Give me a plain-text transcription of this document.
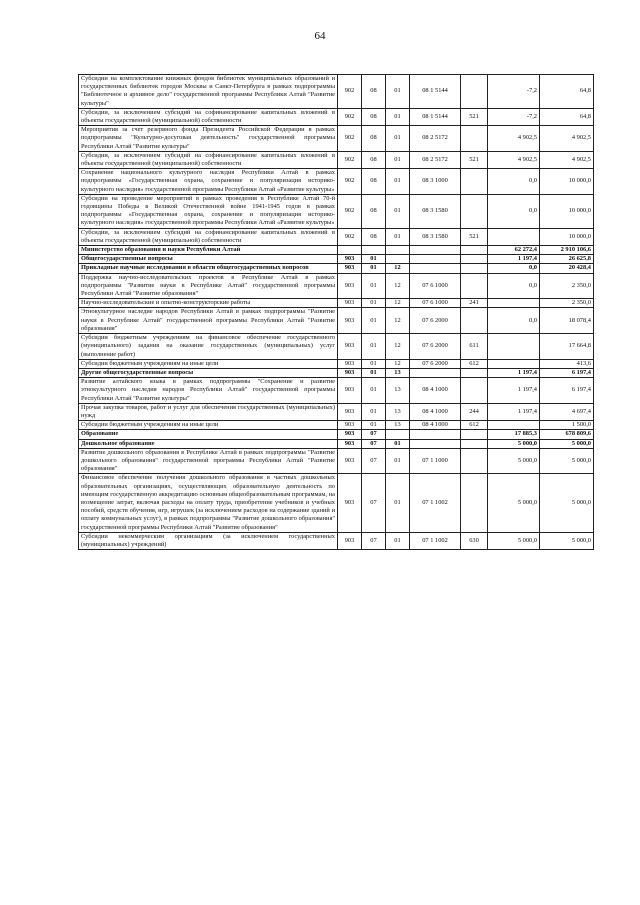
64
Субсидии на комплектование книжных фондов библиотек муниципальных образований и государственных библиотек городов Москвы и Санкт-Петербурга в рамках подпрограммы "Библиотечное и архивное дело" государственной программы Республики Алтай "Развитие культуры"	902	08	01	08 1 5144		-7,2	64,8
Субсидии, за исключением субсидий на софинансирование капитальных вложений в объекты государственной (муниципальной) собственности	902	08	01	08 1 5144	521	-7,2	64,8
Мероприятия за счет резервного фонда Президента Российской Федерации в рамках подпрограммы "Культурно-досуговая деятельность" государственной программы Республики Алтай "Развитие культуры"	902	08	01	08 2 5172		4 902,5	4 902,5
Субсидии, за исключением субсидий на софинансирование капитальных вложений в объекты государственной (муниципальной) собственности	902	08	01	08 2 5172	521	4 902,5	4 902,5
Сохранение национального культурного наследия Республики Алтай в рамках подпрограммы «Государственная охрана, сохранение и популяризация историко-культурного наследия» государственной программы Республики Алтай «Развитие культуры»	902	08	01	08 3 1000		0,0	10 000,0
Субсидии на проведение мероприятий в рамках проведения в Республике Алтай 70-й годовщины Победы в Великой Отечественной войне 1941-1945 годов в рамках подпрограммы «Государственная охрана, сохранение и популяризация историко-культурного наследия» государственной программы Республики Алтай «Развитие культуры»	902	08	01	08 3 1580		0,0	10 000,0
Субсидии, за исключением субсидий на софинансирование капитальных вложений в объекты государственной (муниципальной) собственности	902	08	01	08 3 1580	521		10 000,0
Министерство образования и науки Республики Алтай						62 272,4	2 910 106,6
Общегосударственные вопросы	903	01				1 197,4	26 625,8
Прикладные научные исследования в области общегосударственных вопросов	903	01	12			0,0	20 428,4
Поддержка научно-исследовательских проектов в Республике Алтай в рамках подпрограммы "Развитие науки в Республике Алтай" государственной программы Республики Алтай "Развитие образования"	903	01	12	07 6 1000		0,0	2 350,0
Научно-исследовательские и опытно-конструкторские работы	903	01	12	07 6 1000	241		2 350,0
Этнокультурное наследие народов Республики Алтай в рамках подпрограммы "Развитие науки в Республике Алтай" государственной программы Республики Алтай "Развитие образования"	903	01	12	07 6 2000		0,0	18 078,4
Субсидии бюджетным учреждениям на финансовое обеспечение государственного (муниципального) задания на оказание государственных (муниципальных) услуг (выполнение работ)	903	01	12	07 6 2000	611		17 664,8
Субсидии бюджетным учреждениям на иные цели	903	01	12	07 6 2000	612		413,6
Другие общегосударственные вопросы	903	01	13			1 197,4	6 197,4
Развитие алтайского языка в рамках подпрограммы "Сохранение и развитие этнокультурного наследия народов Республики Алтай" государственной программы Республики Алтай "Развитие культуры"	903	01	13	08 4 1000		1 197,4	6 197,4
Прочая закупка товаров, работ и услуг для обеспечения государственных (муниципальных) нужд	903	01	13	08 4 1000	244	1 197,4	4 697,4
Субсидии бюджетным учреждениям на иные цели	903	01	13	08 4 1000	612		1 500,0
Образование	903	07				17 885,3	678 809,6
Дошкольное образование	903	07	01			5 000,0	5 000,0
Развитие дошкольного образования в Республике Алтай в рамках подпрограммы "Развитие дошкольного образования" государственной программы Республики Алтай "Развитие образования"	903	07	01	07 1 1000		5 000,0	5 000,0
Финансовое обеспечение получения дошкольного образования в частных дошкольных образовательных организациях, осуществляющих образовательную деятельность по имеющим государственную аккредитацию основным общеобразовательным программам, на возмещение затрат, включая расходы на оплату труда, приобретение учебников и учебных пособий, средств обучения, игр, игрушек (за исключением расходов на содержание зданий и оплату коммунальных услуг), в рамках подпрограммы "Развитие дошкольного образования" государственной программы Республики Алтай "Развитие образования"	903	07	01	07 1 1002		5 000,0	5 000,0
Субсидии некоммерческим организациям (за исключением государственных (муниципальных) учреждений)	903	07	01	07 1 1002	630	5 000,0	5 000,0
